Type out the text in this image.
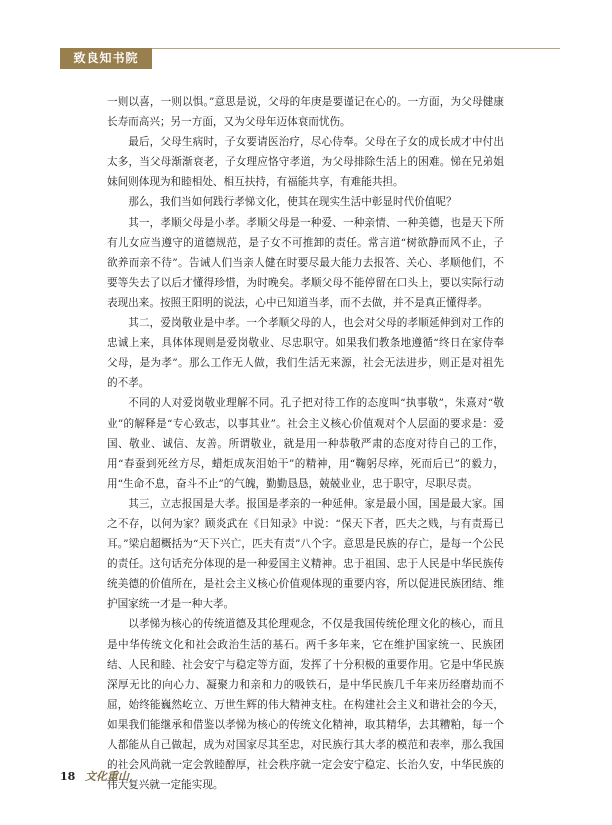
致良知书院

一则以喜，一则以惧。”意思是说，父母的年庚是要谨记在心的。一方面，为父母健康长寿而高兴；另一方面，又为父母年迈体衰而忧伤。

最后，父母生病时，子女要请医治疗，尽心侍奉。父母在子女的成长成才中付出太多，当父母渐渐衰老，子女理应恪守孝道，为父母排除生活上的困难。悌在兄弟姐妹间则体现为和睦相处、相互扶持，有福能共享，有难能共担。

那么，我们当如何践行孝悌文化，使其在现实生活中彰显时代价值呢？

其一，孝顺父母是小孝。孝顺父母是一种爱、一种亲情、一种美德，也是天下所有儿女应当遵守的道德规范，是子女不可推卸的责任。常言道“树欲静而风不止，子欲养而亲不待”。告诫人们当亲人健在时要尽最大能力去报答、关心、孝顺他们，不要等失去了以后才懂得珍惜，为时晚矣。孝顺父母不能停留在口头上，要以实际行动表现出来。按照王阳明的说法，心中已知道当孝，而不去做，并不是真正懂得孝。

其二，爱岗敬业是中孝。一个孝顺父母的人，也会对父母的孝顺延伸到对工作的忠诚上来，具体体现则是爱岗敬业、尽忠职守。如果我们教条地遵循“终日在家侍奉父母，是为孝”。那么工作无人做，我们生活无来源，社会无法进步，则正是对祖先的不孝。

不同的人对爱岗敬业理解不同。孔子把对待工作的态度叫“执事敬”，朱熹对“敬业”的解释是“专心致志，以事其业”。社会主义核心价值观对个人层面的要求是：爱国、敬业、诚信、友善。所谓敬业，就是用一种恭敬严肃的态度对待自己的工作，用“春蚕到死丝方尽，蜡炬成灰泪始干”的精神，用“鞠躬尽瘁，死而后已”的毅力，用“生命不息，奋斗不止”的气魄，勤勤恳恳，兢兢业业，忠于职守，尽职尽责。

其三，立志报国是大孝。报国是孝亲的一种延伸。家是最小国，国是最大家。国之不存，以何为家？顾炎武在《日知录》中说：“保天下者，匹夫之贱，与有责焉已耳。”梁启超概括为“天下兴亡，匹夫有责”八个字。意思是民族的存亡，是每一个公民的责任。这句话充分体现的是一种爱国主义精神。忠于祖国、忠于人民是中华民族传统美德的价值所在，是社会主义核心价值观体现的重要内容，所以促进民族团结、维护国家统一才是一种大孝。

以孝悌为核心的传统道德及其伦理观念，不仅是我国传统伦理文化的核心，而且是中华传统文化和社会政治生活的基石。两千多年来，它在维护国家统一、民族团结、人民和睦、社会安宁与稳定等方面，发挥了十分积极的重要作用。它是中华民族深厚无比的向心力、凝聚力和亲和力的吸铁石，是中华民族几千年来历经磨劫而不屈，始终能巍然屹立、万世生辉的伟大精神支柱。在构建社会主义和谐社会的今天，如果我们能继承和借鉴以孝悌为核心的传统文化精神，取其精华，去其糟粕，每一个人都能从自己做起，成为对国家尽其至忠，对民族行其大孝的模范和表率，那么我国的社会风尚就一定会敦睦醇厚，社会秩序就一定会安宁稳定、长治久安，中华民族的伟大复兴就一定能实现。

18 文化重山
